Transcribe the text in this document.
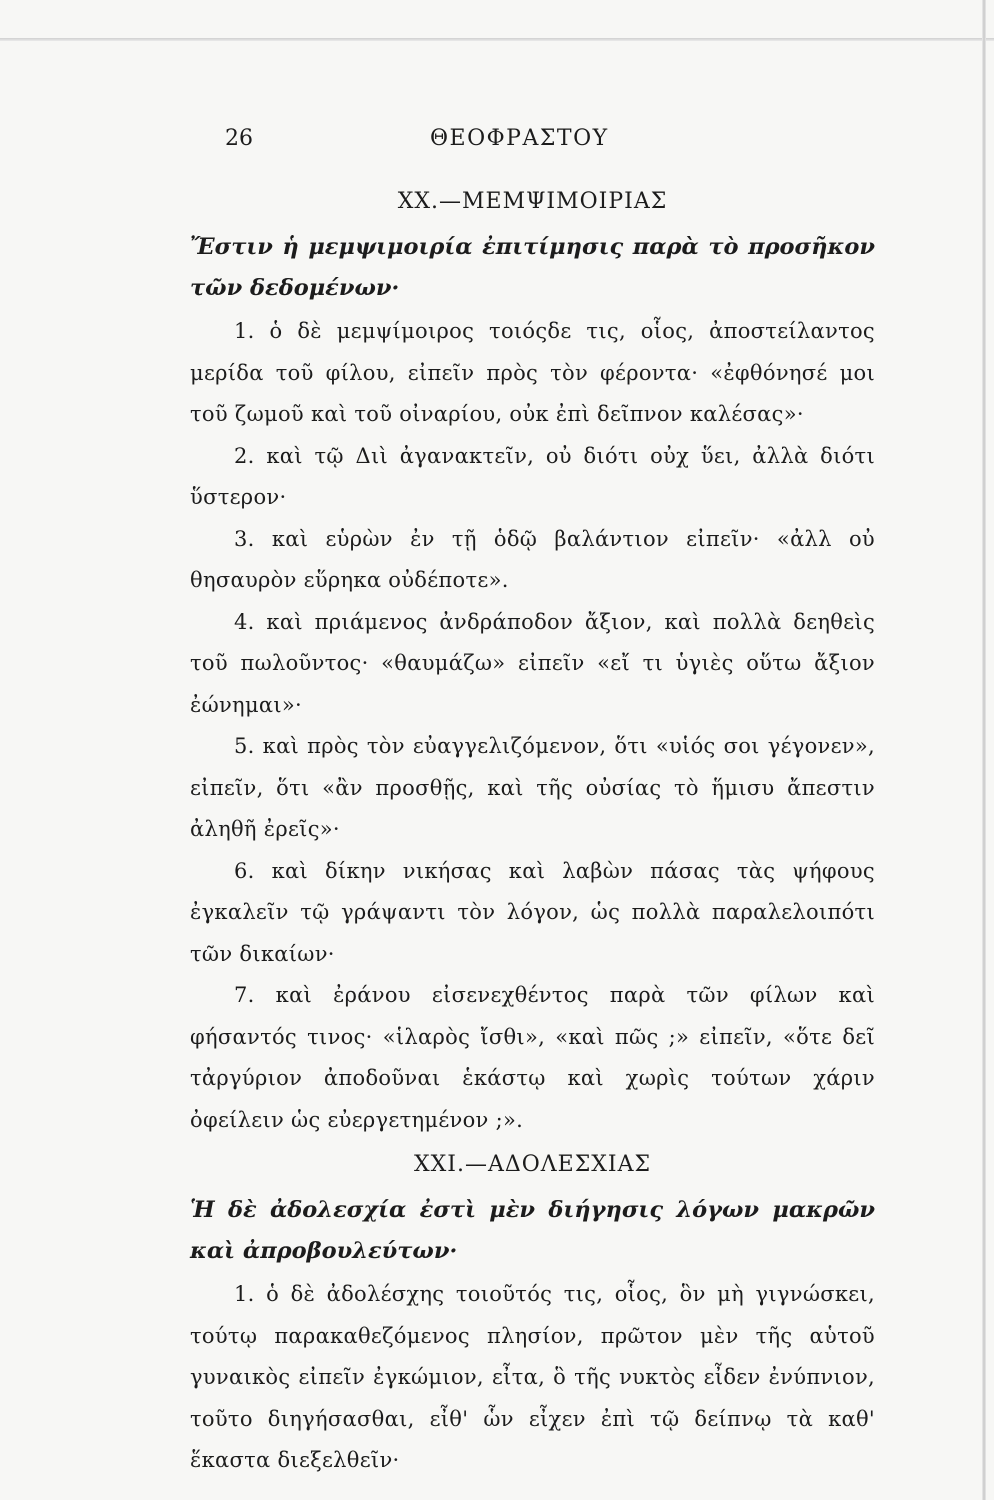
26	ΘΕΟΦΡΑΣΤΟΥ
XX.—ΜΕΜΨΙΜΟΙΡΙΑΣ
Ἔστιν ἡ μεμψιμοιρία ἐπιτίμησις παρὰ τὸ προσῆκον τῶν δεδομένων·

1. ὁ δὲ μεμψίμοιρος τοιόςδε τις, οἷος, ἀποστείλαντος μερίδα τοῦ φίλου, εἰπεῖν πρὸς τὸν φέροντα· «ἐφθόνησέ μοι τοῦ ζωμοῦ καὶ τοῦ οἰναρίου, οὐκ ἐπὶ δεῖπνον καλέσας»·

2. καὶ τῷ Διὶ ἀγανακτεῖν, οὐ διότι οὐχ ὕει, ἀλλὰ διότι ὕστερον·

3. καὶ εὑρὼν ἐν τῇ ὁδῷ βαλάντιον εἰπεῖν· «ἀλλ οὐ θησαυρὸν εὕρηκα οὐδέποτε».

4. καὶ πριάμενος ἀνδράποδον ἄξιον, καὶ πολλὰ δεηθεὶς τοῦ πωλοῦντος· «θαυμάζω» εἰπεῖν «εἴ τι ὑγιὲς οὕτω ἄξιον ἐώνημαι»·

5. καὶ πρὸς τὸν εὐαγγελιζόμενον, ὅτι «υἱός σοι γέγονεν», εἰπεῖν, ὅτι «ἂν προσθῇς, καὶ τῆς οὐσίας τὸ ἥμισυ ἄπεστιν ἀληθῆ ἐρεῖς»·

6. καὶ δίκην νικήσας καὶ λαβὼν πάσας τὰς ψήφους ἐγκαλεῖν τῷ γράψαντι τὸν λόγον, ὡς πολλὰ παραλελοιπότι τῶν δικαίων·

7. καὶ ἐράνου εἰσενεχθέντος παρὰ τῶν φίλων καὶ φήσαντός τινος· «ἱλαρὸς ἴσθι», «καὶ πῶς ;» εἰπεῖν, «ὅτε δεῖ τἀργύριον ἀποδοῦναι ἑκάστῳ καὶ χωρὶς τούτων χάριν ὀφείλειν ὡς εὐεργετημένον ;».

XXI.—ΑΔΟΛΕΣΧΙΑΣ
Ἡ δὲ ἀδολεσχία ἐστὶ μὲν διήγησις λόγων μακρῶν καὶ ἀπροβουλεύτων·

1. ὁ δὲ ἀδολέσχης τοιοῦτός τις, οἷος, ὃν μὴ γιγνώσκει, τούτῳ παρακαθεζόμενος πλησίον, πρῶτον μὲν τῆς αὑτοῦ γυναικὸς εἰπεῖν ἐγκώμιον, εἶτα, ὃ τῆς νυκτὸς εἶδεν ἐνύπνιον, τοῦτο διηγήσασθαι, εἶθ' ὧν εἶχεν ἐπὶ τῷ δείπνῳ τὰ καθ' ἕκαστα διεξελθεῖν·
